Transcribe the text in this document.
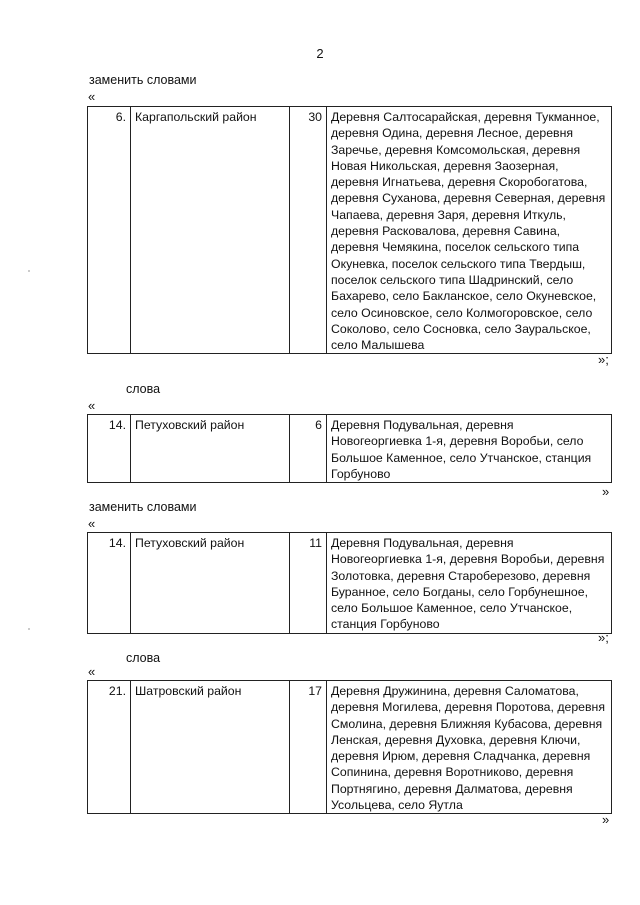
2
заменить словами
«
6.	Каргапольский район	30	Деревня Салтосарайская, деревня Тукманное, деревня Одина, деревня Лесное, деревня Заречье, деревня Комсомольская, деревня Новая Никольская, деревня Заозерная, деревня Игнатьева, деревня Скоробогатова, деревня Суханова, деревня Северная, деревня Чапаева, деревня Заря, деревня Иткуль, деревня Расковалова, деревня Савина, деревня Чемякина, поселок сельского типа Окуневка, поселок сельского типа Твердыш, поселок сельского типа Шадринский, село Бахарево, село Бакланское, село Окуневское, село Осиновское, село Колмогоровское, село Соколово, село Сосновка, село Зауральское, село Малышева
»;
слова
«
14.	Петуховский район	6	Деревня Подувальная, деревня Новогеоргиевка 1-я, деревня Воробьи, село Большое Каменное, село Утчанское, станция Горбуново
»
заменить словами
«
14.	Петуховский район	11	Деревня Подувальная, деревня Новогеоргиевка 1-я, деревня Воробьи, деревня Золотовка, деревня Староберезово, деревня Буранное, село Богданы, село Горбунешное, село Большое Каменное, село Утчанское, станция Горбуново
»;
слова
«
21.	Шатровский район	17	Деревня Дружинина, деревня Саломатова, деревня Могилева, деревня Поротова, деревня Смолина, деревня Ближняя Кубасова, деревня Ленская, деревня Духовка, деревня Ключи, деревня Ирюм, деревня Сладчанка, деревня Сопинина, деревня Воротниково, деревня Портнягино, деревня Далматова, деревня Усольцева, село Яутла
»
